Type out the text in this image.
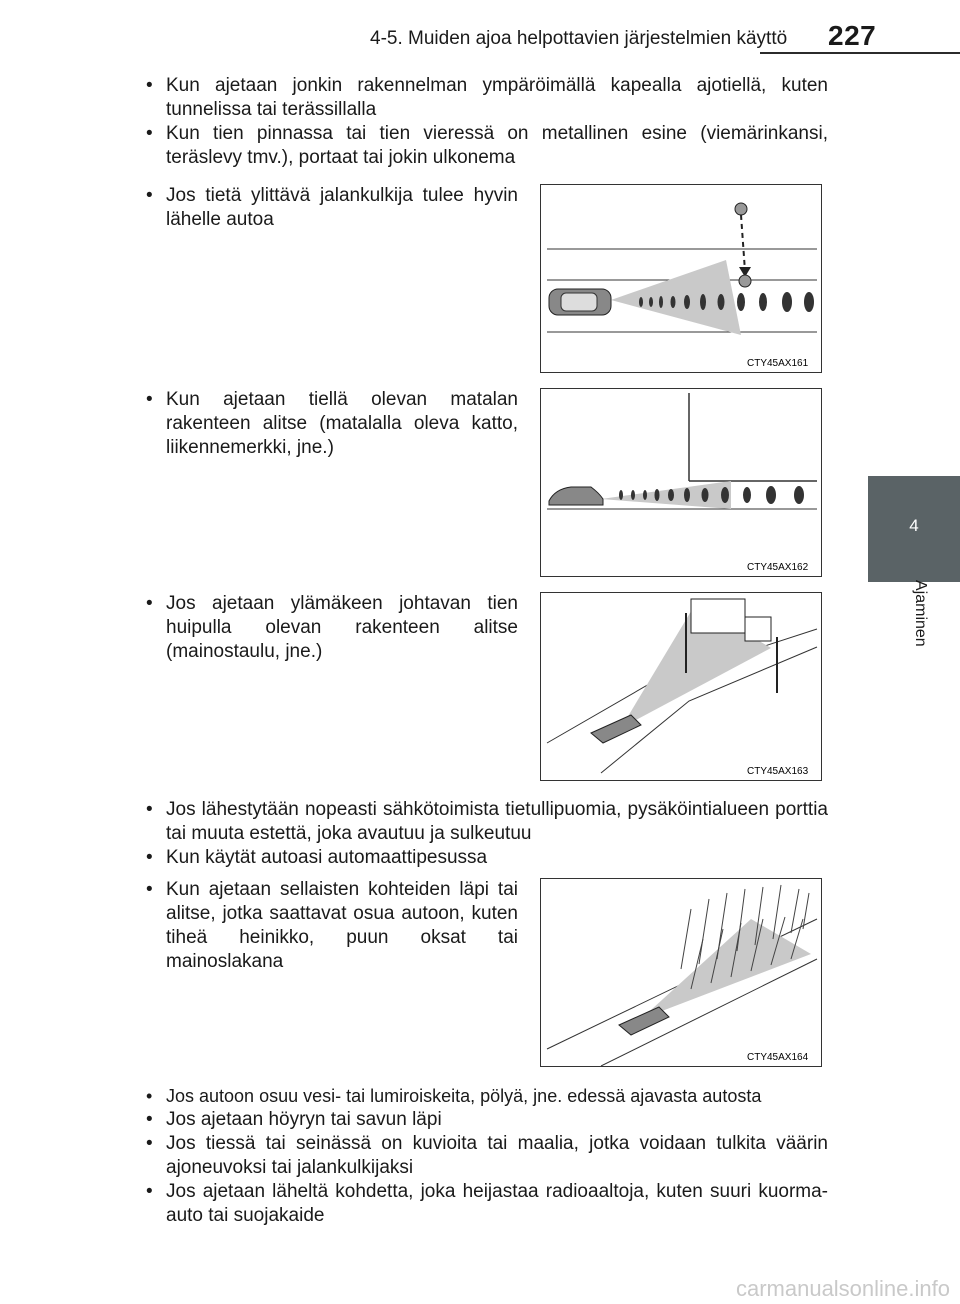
4-5. Muiden ajoa helpottavien järjestelmien käyttö 227
4
Ajaminen
• Kun ajetaan jonkin rakennelman ympäröimällä kapealla ajotiellä, kuten tunnelissa tai terässillalla
• Kun tien pinnassa tai tien vieressä on metallinen esine (viemärinkansi, teräslevy tmv.), portaat tai jokin ulkonema
• Jos tietä ylittävä jalankulkija tulee hyvin lähelle autoa
CTY45AX161
• Kun ajetaan tiellä olevan matalan rakenteen alitse (matalalla oleva katto, liikennemerkki, jne.)
CTY45AX162
• Jos ajetaan ylämäkeen johtavan tien huipulla olevan rakenteen alitse (mainostaulu, jne.)
CTY45AX163
• Jos lähestytään nopeasti sähkötoimista tietullipuomia, pysäköintialueen porttia tai muuta estettä, joka avautuu ja sulkeutuu
• Kun käytät autoasi automaattipesussa
• Kun ajetaan sellaisten kohteiden läpi tai alitse, jotka saattavat osua autoon, kuten tiheä heinikko, puun oksat tai mainoslakana
CTY45AX164
• Jos autoon osuu vesi- tai lumiroiskeita, pölyä, jne. edessä ajavasta autosta
• Jos ajetaan höyryn tai savun läpi
• Jos tiessä tai seinässä on kuvioita tai maalia, jotka voidaan tulkita väärin ajoneuvoksi tai jalankulkijaksi
• Jos ajetaan läheltä kohdetta, joka heijastaa radioaaltoja, kuten suuri kuorma-auto tai suojakaide
carmanualsonline.info
